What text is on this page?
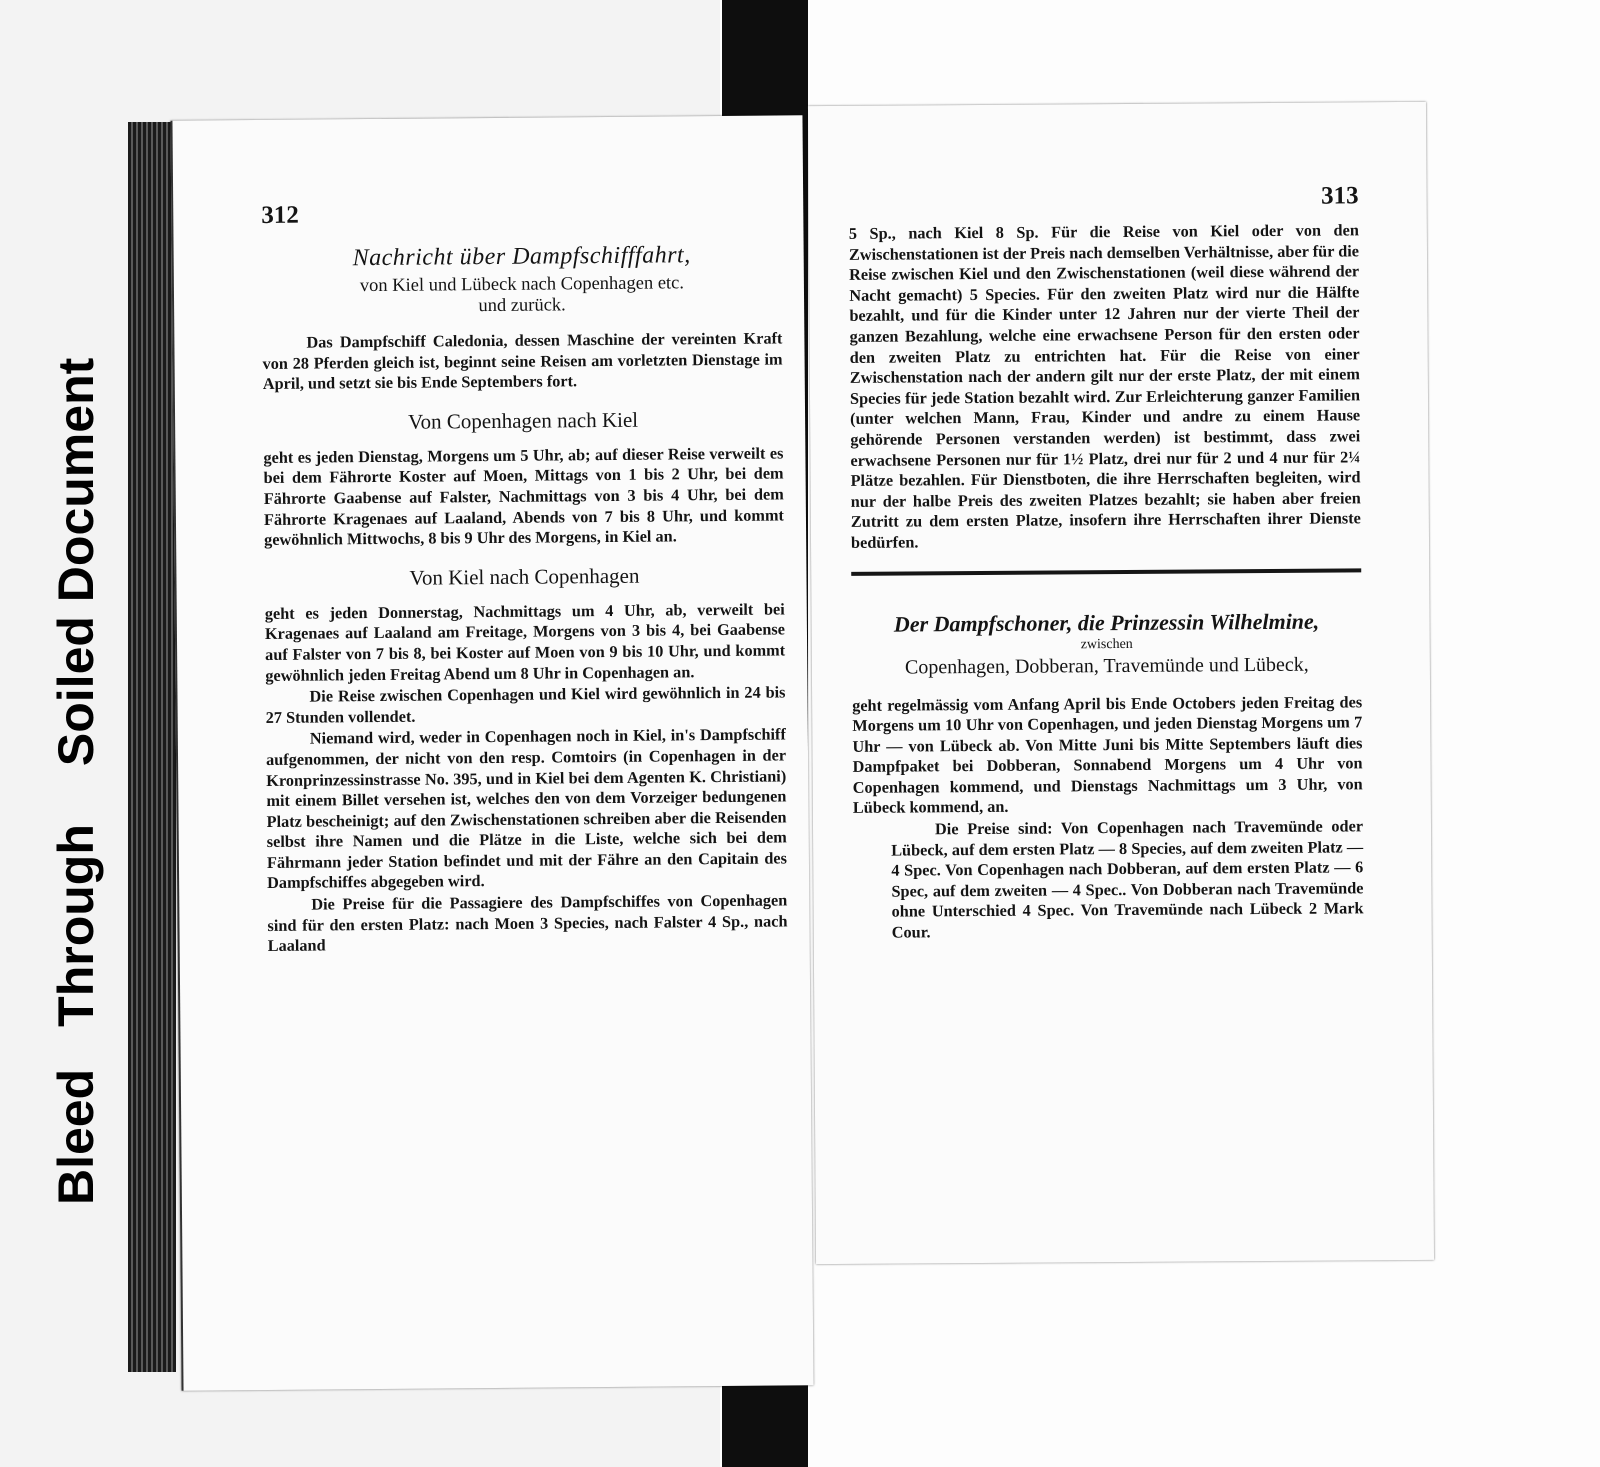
BleedThroughSoiled Document
312
Nachricht über Dampfschifffahrt,
von Kiel und Lübeck nach Copenhagen etc.
und zurück.

Das Dampfschiff Caledonia, dessen Maschine der vereinten Kraft von 28 Pferden gleich ist, beginnt seine Reisen am vorletzten Dienstage im April, und setzt sie bis Ende Septembers fort.

Von Copenhagen nach Kiel

geht es jeden Dienstag, Morgens um 5 Uhr, ab; auf dieser Reise verweilt es bei dem Fährorte Koster auf Moen, Mittags von 1 bis 2 Uhr, bei dem Fährorte Gaabense auf Falster, Nachmittags von 3 bis 4 Uhr, bei dem Fährorte Kragenaes auf Laaland, Abends von 7 bis 8 Uhr, und kommt gewöhnlich Mittwochs, 8 bis 9 Uhr des Morgens, in Kiel an.

Von Kiel nach Copenhagen

geht es jeden Donnerstag, Nachmittags um 4 Uhr, ab, verweilt bei Kragenaes auf Laaland am Freitage, Morgens von 3 bis 4, bei Gaabense auf Falster von 7 bis 8, bei Koster auf Moen von 9 bis 10 Uhr, und kommt gewöhnlich jeden Freitag Abend um 8 Uhr in Copenhagen an.

Die Reise zwischen Copenhagen und Kiel wird gewöhnlich in 24 bis 27 Stunden vollendet.

Niemand wird, weder in Copenhagen noch in Kiel, in's Dampfschiff aufgenommen, der nicht von den resp. Comtoirs (in Copenhagen in der Kronprinzessinstrasse No. 395, und in Kiel bei dem Agenten K. Christiani) mit einem Billet versehen ist, welches den von dem Vorzeiger bedungenen Platz bescheinigt; auf den Zwischenstationen schreiben aber die Reisenden selbst ihre Namen und die Plätze in die Liste, welche sich bei dem Fährmann jeder Station befindet und mit der Fähre an den Capitain des Dampfschiffes abgegeben wird.

Die Preise für die Passagiere des Dampfschiffes von Copenhagen sind für den ersten Platz: nach Moen 3 Species, nach Falster 4 Sp., nach Laaland

313

5 Sp., nach Kiel 8 Sp. Für die Reise von Kiel oder von den Zwischenstationen ist der Preis nach demselben Verhältnisse, aber für die Reise zwischen Kiel und den Zwischenstationen (weil diese während der Nacht gemacht) 5 Species. Für den zweiten Platz wird nur die Hälfte bezahlt, und für die Kinder unter 12 Jahren nur der vierte Theil der ganzen Bezahlung, welche eine erwachsene Person für den ersten oder den zweiten Platz zu entrichten hat. Für die Reise von einer Zwischenstation nach der andern gilt nur der erste Platz, der mit einem Species für jede Station bezahlt wird. Zur Erleichterung ganzer Familien (unter welchen Mann, Frau, Kinder und andre zu einem Hause gehörende Personen verstanden werden) ist bestimmt, dass zwei erwachsene Personen nur für 1½ Platz, drei nur für 2 und 4 nur für 2¼ Plätze bezahlen. Für Dienstboten, die ihre Herrschaften begleiten, wird nur der halbe Preis des zweiten Platzes bezahlt; sie haben aber freien Zutritt zu dem ersten Platze, insofern ihre Herrschaften ihrer Dienste bedürfen.

Der Dampfschoner, die Prinzessin Wilhelmine,
zwischen
Copenhagen, Dobberan, Travemünde und Lübeck,

geht regelmässig vom Anfang April bis Ende Octobers jeden Freitag des Morgens um 10 Uhr von Copenhagen, und jeden Dienstag Morgens um 7 Uhr — von Lübeck ab. Von Mitte Juni bis Mitte Septembers läuft dies Dampfpaket bei Dobberan, Sonnabend Morgens um 4 Uhr von Copenhagen kommend, und Dienstags Nachmittags um 3 Uhr, von Lübeck kommend, an.

Die Preise sind: Von Copenhagen nach Travemünde oder Lübeck, auf dem ersten Platz — 8 Species, auf dem zweiten Platz — 4 Spec. Von Copenhagen nach Dobberan, auf dem ersten Platz — 6 Spec, auf dem zweiten — 4 Spec.. Von Dobberan nach Travemünde ohne Unterschied 4 Spec. Von Travemünde nach Lübeck 2 Mark Cour.
